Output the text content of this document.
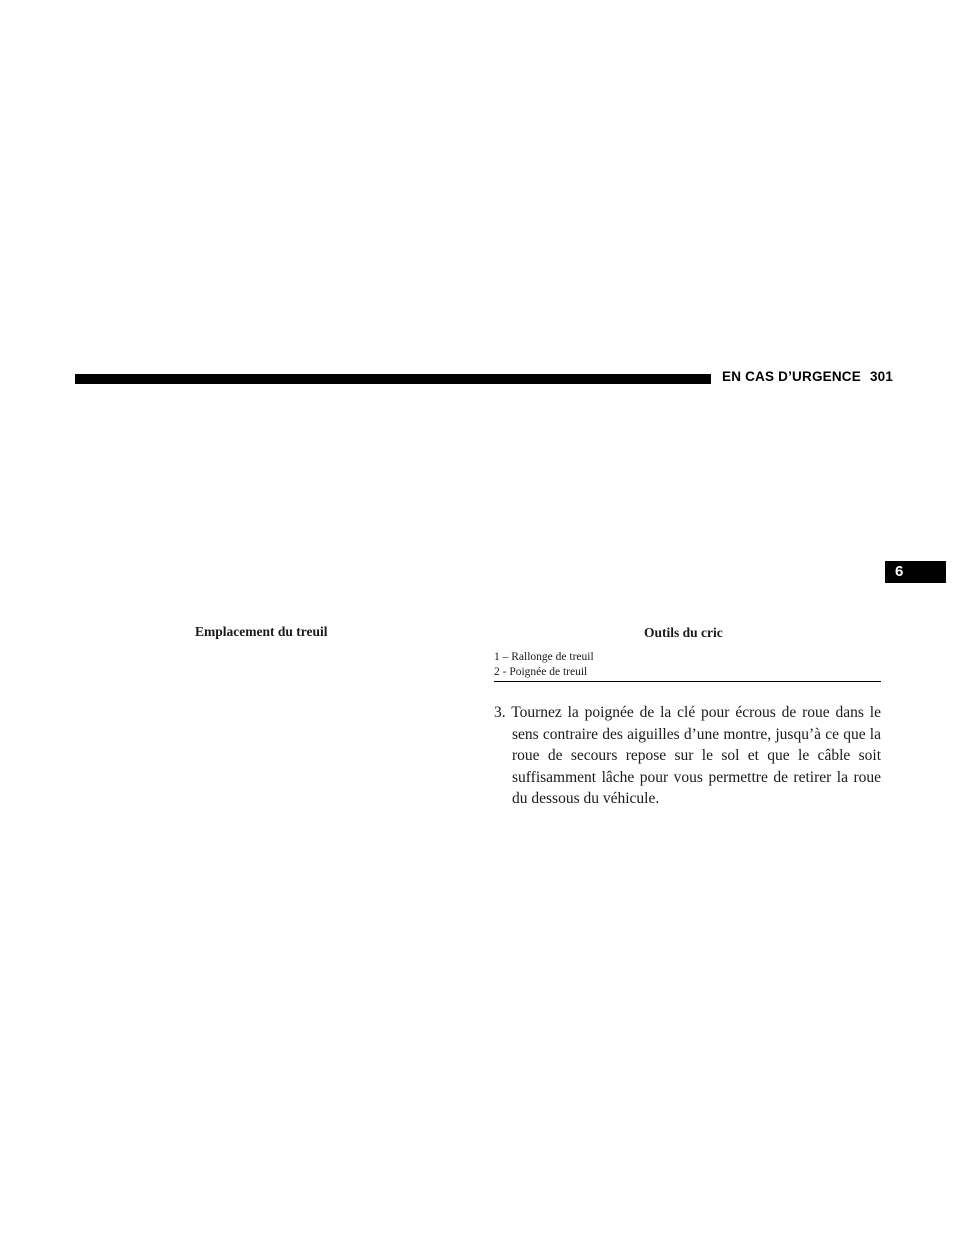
EN CAS D’URGENCE 301
6
Emplacement du treuil	Outils du cric
1 – Rallonge de treuil
2 - Poignée de treuil
3. Tournez la poignée de la clé pour écrous de roue dans le sens contraire des aiguilles d’une montre, jusqu’à ce que la roue de secours repose sur le sol et que le câble soit suffisamment lâche pour vous permettre de retirer la roue du dessous du véhicule.
